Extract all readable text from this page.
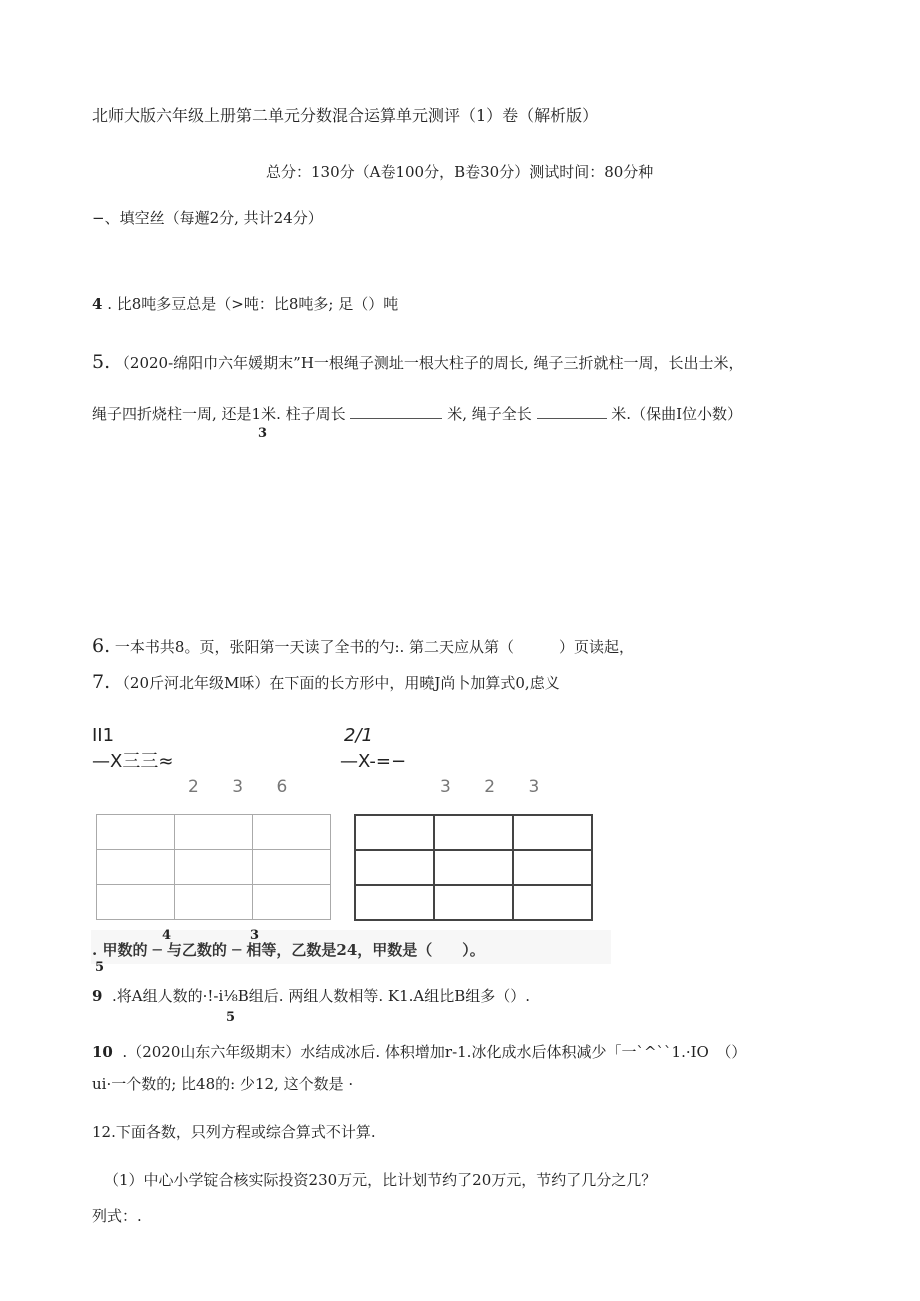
北师大版六年级上册第二单元分数混合运算单元测评（1）卷（解析版）
总分：130分（A卷100分，B卷30分）测试时间：80分种
−、填空丝（每邂2分, 共计24分）
4 . 比8吨多豆总是（>吨：比8吨多; 足（）吨
5. （2020-绵阳巾六年媛期末”H一根绳子测址一根大柱子的周长, 绳子三折就柱一周，长出士米，
绳子四折烧柱一周, 还是1米. 柱子周长	米, 绳子全长	米.（保曲I位小数）
3
6. 一本书共8。页，张阳第一天读了全书的勺:. 第二天应从第（　　　）页读起，
7. （20斤河北年级M咊）在下面的长方形中，用曉J尚卜加算式0,虑义
II1
—X三三≈
2/1
—X-=−
2 3 6	3 2 3

. 甲数的 ─ 与乙数的 ─ 相等，乙数是24，甲数是（　　）。
4	3
5
9 .将A组人数的·!-i⅛B组后. 两组人数相等. K1.A组比B组多（）.
5
10 .（2020山东六年级期末）水结成冰后. 体积增加r-1.冰化成水后体积减少「一`^``1.·IO　（）
ui·一个数的; 比48的: 少12, 这个数是 ·
12.下面各数，只列方程或综合算式不计算.
（1）中心小学锭合核实际投资230万元，比计划节约了20万元，节约了几分之几？
列式：.
